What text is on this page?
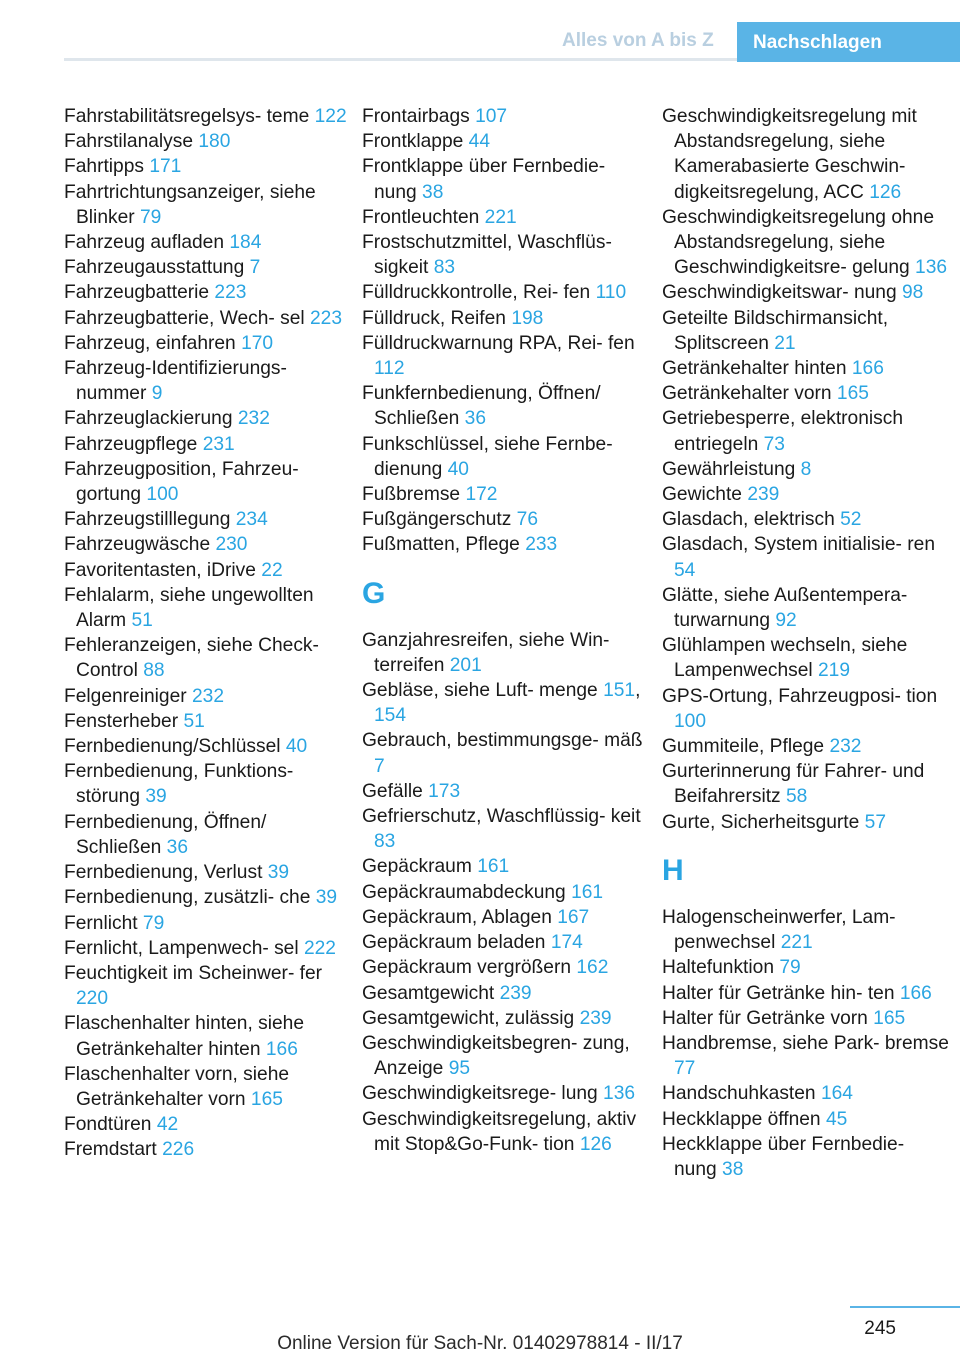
Alles von A bis Z Nachschlagen
Fahrstabilitätsregelsys- teme 122
Fahrstilanalyse 180
Fahrtipps 171
Fahrtrichtungsanzeiger, siehe Blinker 79
Fahrzeug aufladen 184
Fahrzeugausstattung 7
Fahrzeugbatterie 223
Fahrzeugbatterie, Wech- sel 223
Fahrzeug, einfahren 170
Fahrzeug-Identifizierungs- nummer 9
Fahrzeuglackierung 232
Fahrzeugpflege 231
Fahrzeugposition, Fahrzeu- gortung 100
Fahrzeugstilllegung 234
Fahrzeugwäsche 230
Favoritentasten, iDrive 22
Fehlalarm, siehe ungewollten Alarm 51
Fehleranzeigen, siehe Check- Control 88
Felgenreiniger 232
Fensterheber 51
Fernbedienung/Schlüssel 40
Fernbedienung, Funktions- störung 39
Fernbedienung, Öffnen/ Schließen 36
Fernbedienung, Verlust 39
Fernbedienung, zusätzli- che 39
Fernlicht 79
Fernlicht, Lampenwech- sel 222
Feuchtigkeit im Scheinwer- fer 220
Flaschenhalter hinten, siehe Getränkehalter hinten 166
Flaschenhalter vorn, siehe Getränkehalter vorn 165
Fondtüren 42
Fremdstart 226
Frontairbags 107
Frontklappe 44
Frontklappe über Fernbedie- nung 38
Frontleuchten 221
Frostschutzmittel, Waschflüs- sigkeit 83
Fülldruckkontrolle, Rei- fen 110
Fülldruck, Reifen 198
Fülldruckwarnung RPA, Rei- fen 112
Funkfernbedienung, Öffnen/ Schließen 36
Funkschlüssel, siehe Fernbe- dienung 40
Fußbremse 172
Fußgängerschutz 76
Fußmatten, Pflege 233
G
Ganzjahresreifen, siehe Win- terreifen 201
Gebläse, siehe Luft- menge 151, 154
Gebrauch, bestimmungsge- mäß 7
Gefälle 173
Gefrierschutz, Waschflüssig- keit 83
Gepäckraum 161
Gepäckraumabdeckung 161
Gepäckraum, Ablagen 167
Gepäckraum beladen 174
Gepäckraum vergrößern 162
Gesamtgewicht 239
Gesamtgewicht, zulässig 239
Geschwindigkeitsbegren- zung, Anzeige 95
Geschwindigkeitsrege- lung 136
Geschwindigkeitsregelung, aktiv mit Stop&Go-Funk- tion 126
Geschwindigkeitsregelung mit Abstandsregelung, siehe Kamerabasierte Geschwin- digkeitsregelung, ACC 126
Geschwindigkeitsregelung ohne Abstandsregelung, siehe Geschwindigkeitsre- gelung 136
Geschwindigkeitswar- nung 98
Geteilte Bildschirmansicht, Splitscreen 21
Getränkehalter hinten 166
Getränkehalter vorn 165
Getriebesperre, elektronisch entriegeln 73
Gewährleistung 8
Gewichte 239
Glasdach, elektrisch 52
Glasdach, System initialisie- ren 54
Glätte, siehe Außentempera- turwarnung 92
Glühlampen wechseln, siehe Lampenwechsel 219
GPS-Ortung, Fahrzeugposi- tion 100
Gummiteile, Pflege 232
Gurterinnerung für Fahrer- und Beifahrersitz 58
Gurte, Sicherheitsgurte 57
H
Halogenscheinwerfer, Lam- penwechsel 221
Haltefunktion 79
Halter für Getränke hin- ten 166
Halter für Getränke vorn 165
Handbremse, siehe Park- bremse 77
Handschuhkasten 164
Heckklappe öffnen 45
Heckklappe über Fernbedie- nung 38
245
Online Version für Sach-Nr. 01402978814 - II/17
